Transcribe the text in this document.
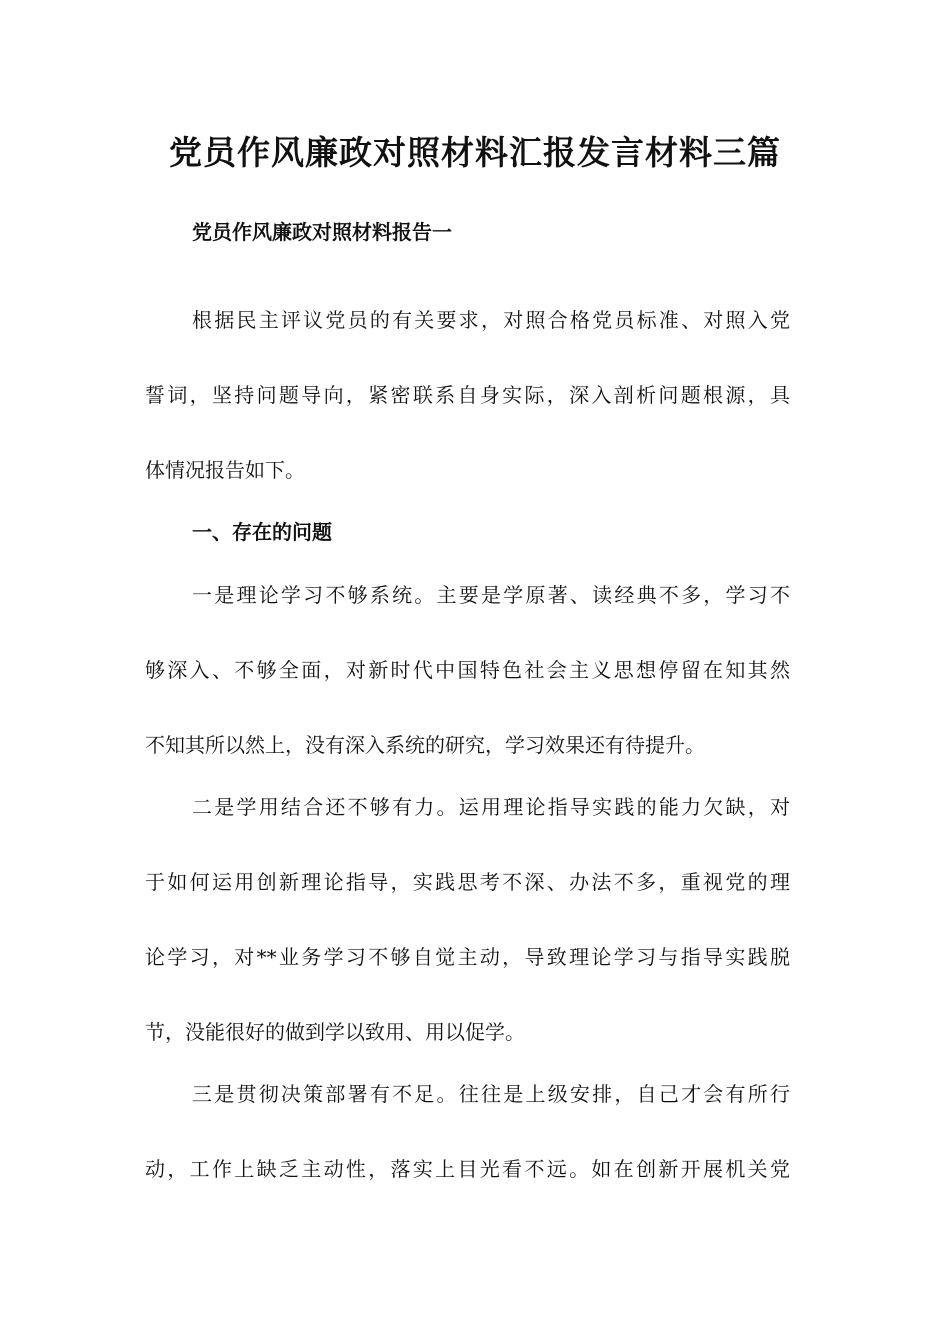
党员作风廉政对照材料汇报发言材料三篇
党员作风廉政对照材料报告一
根据民主评议党员的有关要求，对照合格党员标准、对照入党
誓词，坚持问题导向，紧密联系自身实际，深入剖析问题根源，具
体情况报告如下。
一、存在的问题
一是理论学习不够系统。主要是学原著、读经典不多，学习不
够深入、不够全面，对新时代中国特色社会主义思想停留在知其然
不知其所以然上，没有深入系统的研究，学习效果还有待提升。
二是学用结合还不够有力。运用理论指导实践的能力欠缺，对
于如何运用创新理论指导，实践思考不深、办法不多，重视党的理
论学习，对**业务学习不够自觉主动，导致理论学习与指导实践脱
节，没能很好的做到学以致用、用以促学。
三是贯彻决策部署有不足。往往是上级安排，自己才会有所行
动，工作上缺乏主动性，落实上目光看不远。如在创新开展机关党
